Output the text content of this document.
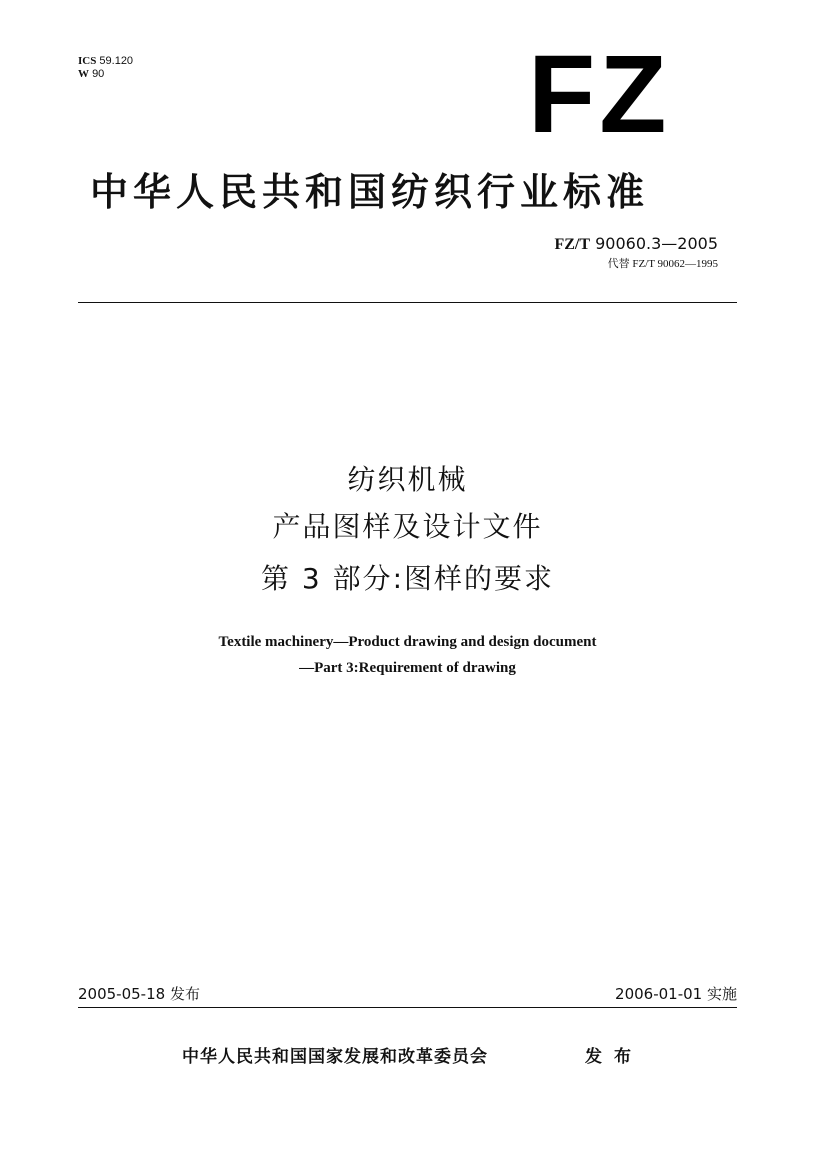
ICS 59.120
W 90	FZ
中华人民共和国纺织行业标准
FZ/T 90060.3—2005
代替 FZ/T 90062—1995
纺织机械
产品图样及设计文件
第 3 部分:图样的要求
Textile machinery—Product drawing and design document
—Part 3:Requirement of drawing
2005-05-18 发布	2006-01-01 实施
中华人民共和国国家发展和改革委员会	发布
